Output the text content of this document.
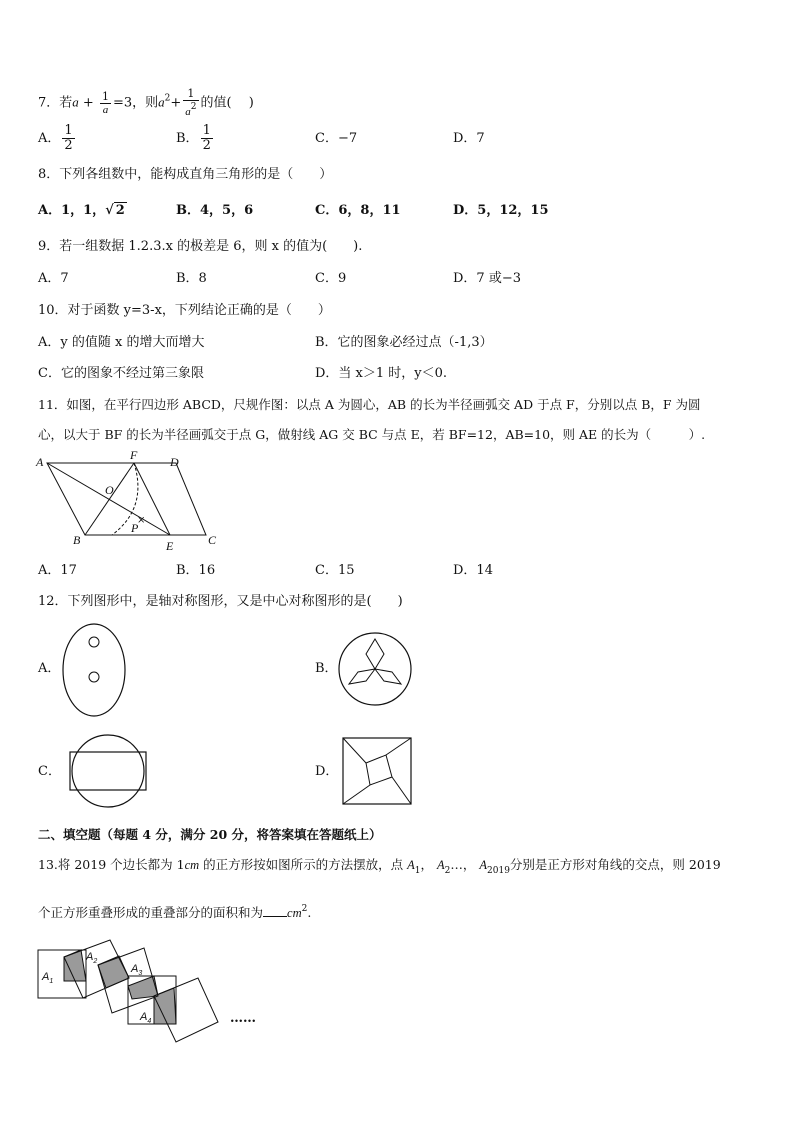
7．若$a + \frac{1}{a} =3$，则$a^2+ \frac{1}{a^2}$ 的值(　 )
A． $\frac{1}{2}$	B． $\frac{1}{2}$	C．−7	D．7
8．下列各组数中，能构成直角三角形的是（　　）
A．1，1，√ 2	B．4，5，6	C．6，8，11	D．5，12，15
9．若一组数据 1.2.3.x 的极差是 6，则 x 的值为(　　).
A．7	B．8	C．9	D．7 或−3
10．对于函数 y=3-x，下列结论正确的是（　　）
A．y 的值随 x 的增大而增大	B．它的图象必经过点（-1,3）
C．它的图象不经过第三象限	D．当 x＞1 时，y＜0.
11．如图，在平行四边形 ABCD，尺规作图：以点 A 为圆心，AB 的长为半径画弧交 AD 于点 F，分别以点 B，F 为圆
心，以大于 BF 的长为半径画弧交于点 G，做射线 AG 交 BC 与点 E，若 BF=12，AB=10，则 AE 的长为（　　　）.
A	F	D
O
P
B	E	C
×
A．17	B．16	C．15	D．14
12．下列图形中，是轴对称图形，又是中心对称图形的是(　　)
A．	B．
C．	D．
二、填空题（每题 4 分，满分 20 分，将答案填在答题纸上）
13.将 2019 个边长都为 1cm 的正方形按如图所示的方法摆放，点 $A_1$， $A_2\dots$， $A_{2019}$分别是正方形对角线的交点，则 2019
个正方形重叠形成的重叠部分的面积和为 $cm^2$.
$A_1$
$A_2$
$A_3$
$A_4$	……
